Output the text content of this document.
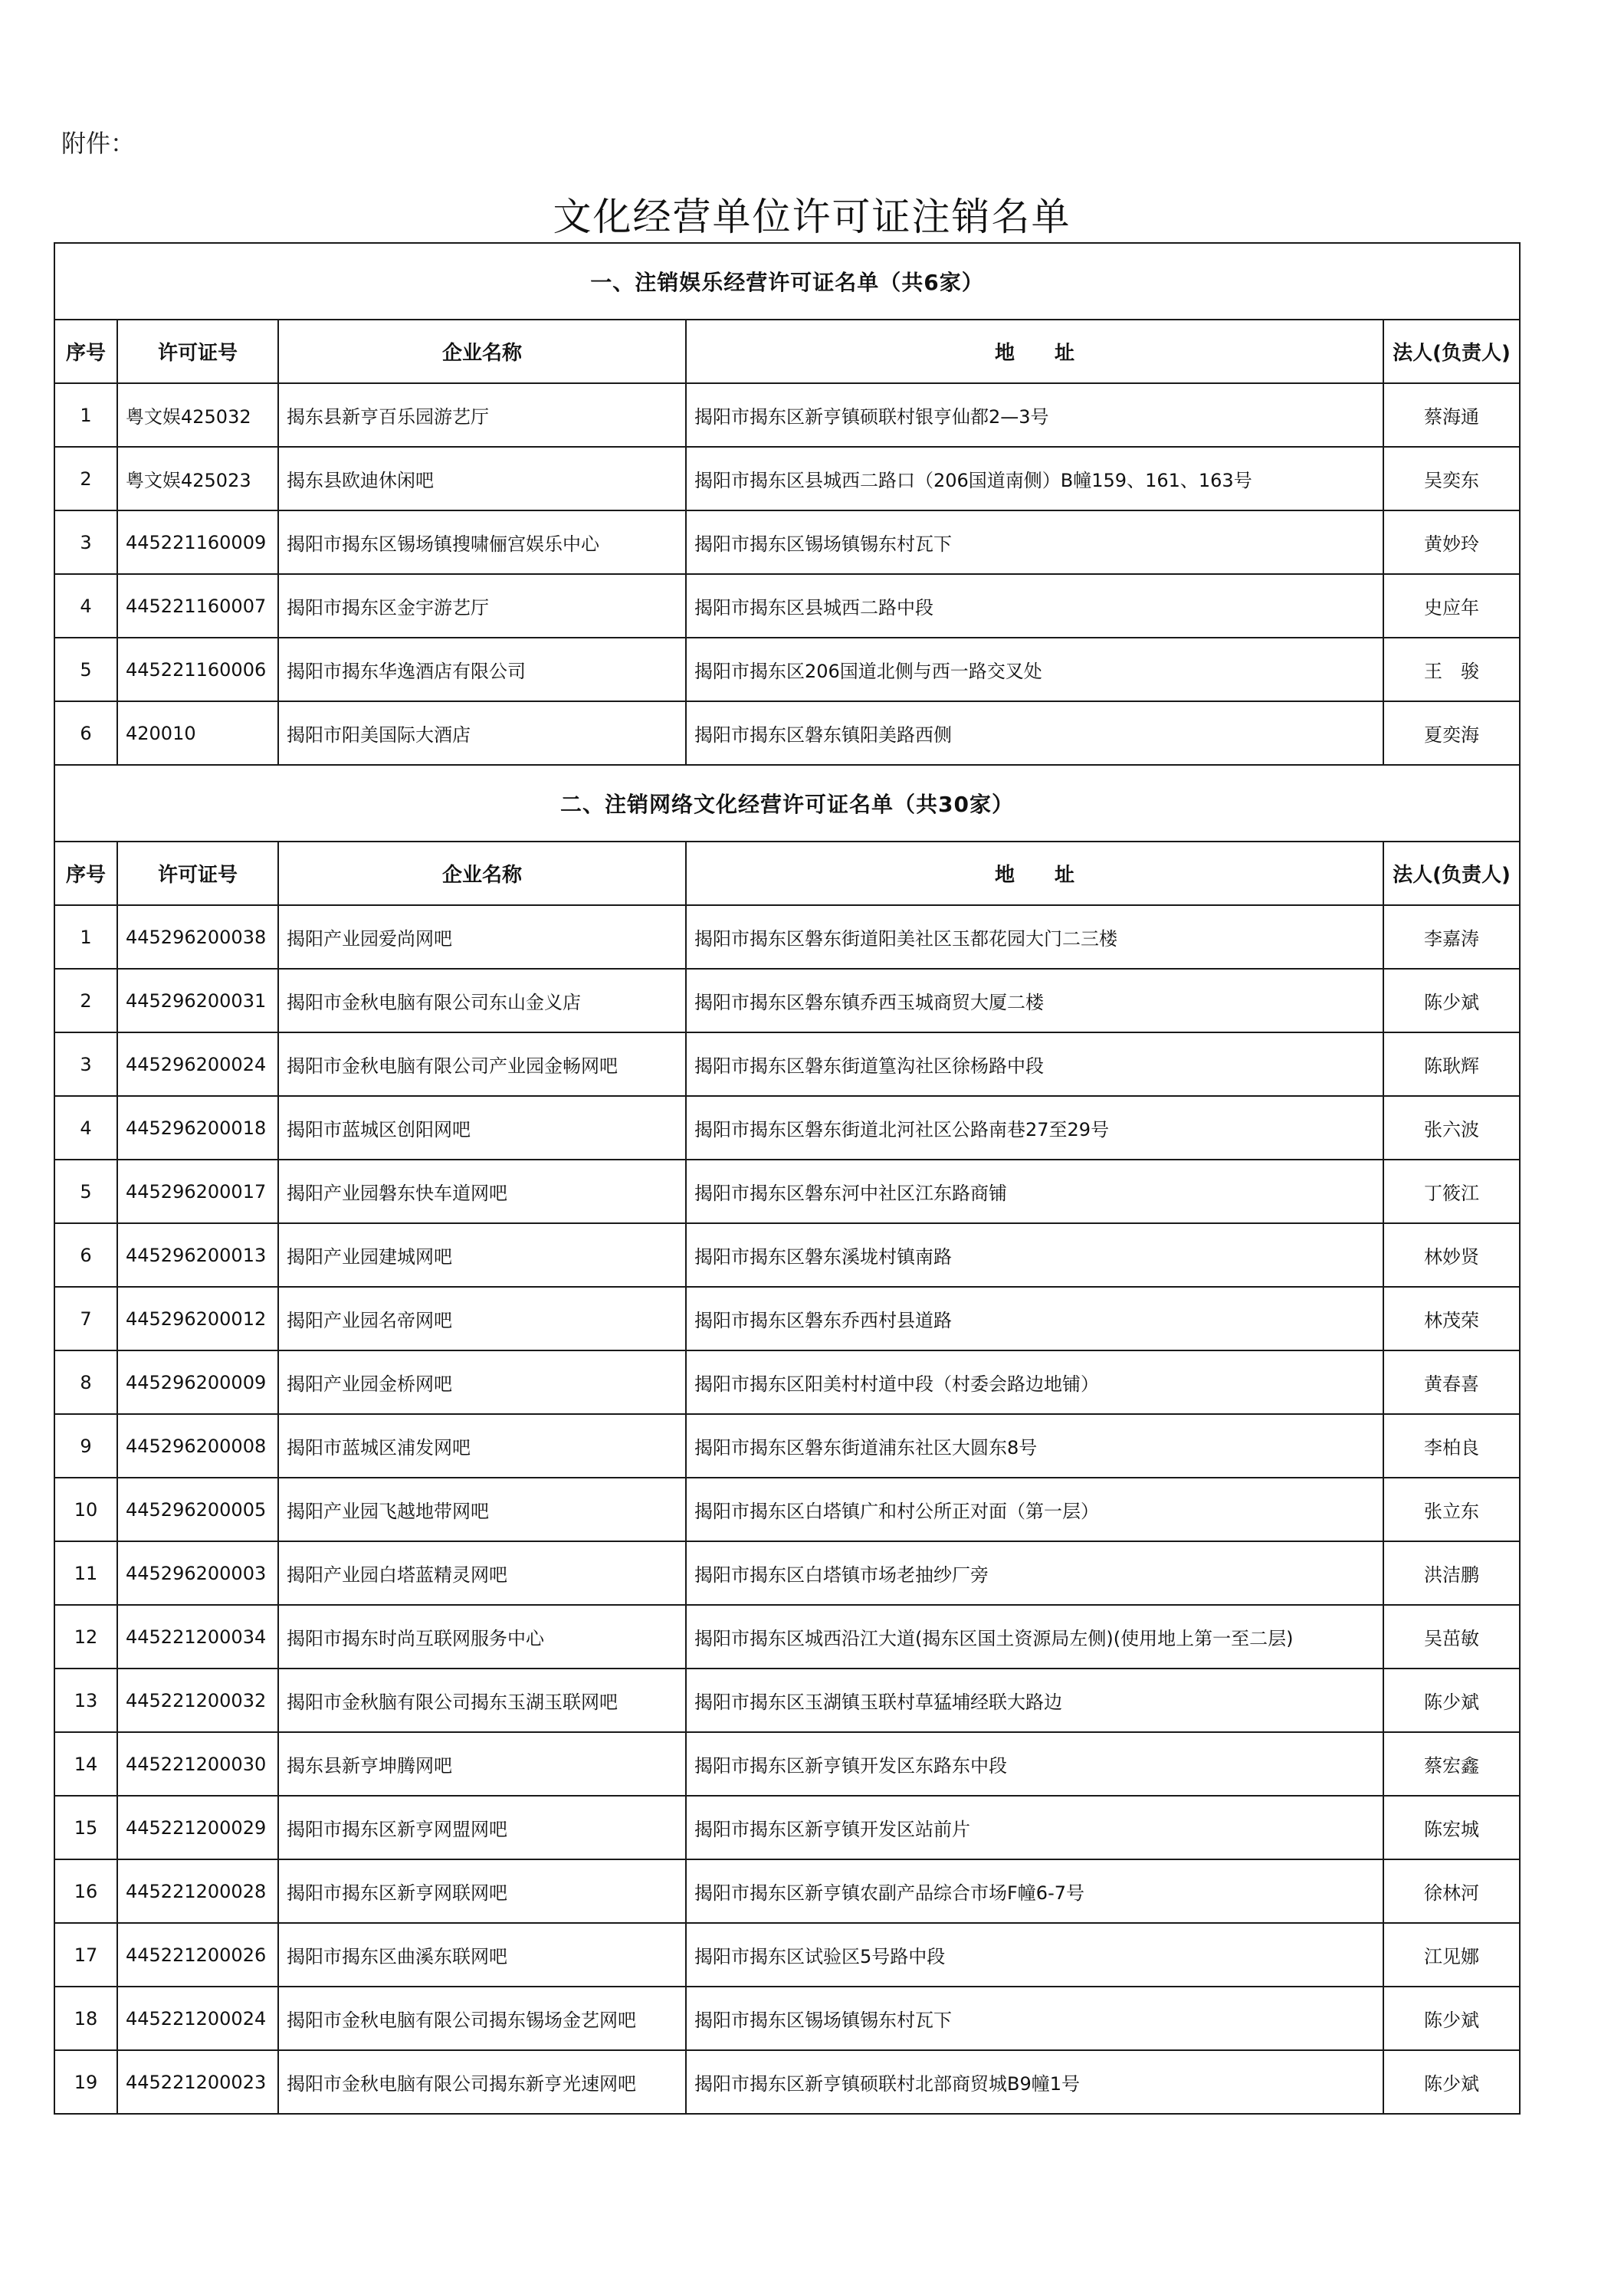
附件：
文化经营单位许可证注销名单
一、注销娱乐经营许可证名单（共6家）				
序号	许可证号	企业名称	地　　址	法人(负责人)
1	粤文娱425032	揭东县新亨百乐园游艺厅	揭阳市揭东区新亨镇硕联村银亨仙都2—3号	蔡海通
2	粤文娱425023	揭东县欧迪休闲吧	揭阳市揭东区县城西二路口（206国道南侧）B幢159、161、163号	吴奕东
3	445221160009	揭阳市揭东区锡场镇搜啸俪宫娱乐中心	揭阳市揭东区锡场镇锡东村瓦下	黄妙玲
4	445221160007	揭阳市揭东区金宇游艺厅	揭阳市揭东区县城西二路中段	史应年
5	445221160006	揭阳市揭东华逸酒店有限公司	揭阳市揭东区206国道北侧与西一路交叉处	王　骏
6	420010	揭阳市阳美国际大酒店	揭阳市揭东区磐东镇阳美路西侧	夏奕海
二、注销网络文化经营许可证名单（共30家）				
序号	许可证号	企业名称	地　　址	法人(负责人)
1	445296200038	揭阳产业园爱尚网吧	揭阳市揭东区磐东街道阳美社区玉都花园大门二三楼	李嘉涛
2	445296200031	揭阳市金秋电脑有限公司东山金义店	揭阳市揭东区磐东镇乔西玉城商贸大厦二楼	陈少斌
3	445296200024	揭阳市金秋电脑有限公司产业园金畅网吧	揭阳市揭东区磐东街道篁沟社区徐杨路中段	陈耿辉
4	445296200018	揭阳市蓝城区创阳网吧	揭阳市揭东区磐东街道北河社区公路南巷27至29号	张六波
5	445296200017	揭阳产业园磐东快车道网吧	揭阳市揭东区磐东河中社区江东路商铺	丁筱江
6	445296200013	揭阳产业园建城网吧	揭阳市揭东区磐东溪垅村镇南路	林妙贤
7	445296200012	揭阳产业园名帝网吧	揭阳市揭东区磐东乔西村县道路	林茂荣
8	445296200009	揭阳产业园金桥网吧	揭阳市揭东区阳美村村道中段（村委会路边地铺）	黄春喜
9	445296200008	揭阳市蓝城区浦发网吧	揭阳市揭东区磐东街道浦东社区大圆东8号	李柏良
10	445296200005	揭阳产业园飞越地带网吧	揭阳市揭东区白塔镇广和村公所正对面（第一层）	张立东
11	445296200003	揭阳产业园白塔蓝精灵网吧	揭阳市揭东区白塔镇市场老抽纱厂旁	洪洁鹏
12	445221200034	揭阳市揭东时尚互联网服务中心	揭阳市揭东区城西沿江大道(揭东区国土资源局左侧)(使用地上第一至二层)	吴茁敏
13	445221200032	揭阳市金秋脑有限公司揭东玉湖玉联网吧	揭阳市揭东区玉湖镇玉联村草猛埔经联大路边	陈少斌
14	445221200030	揭东县新亨坤腾网吧	揭阳市揭东区新亨镇开发区东路东中段	蔡宏鑫
15	445221200029	揭阳市揭东区新亨网盟网吧	揭阳市揭东区新亨镇开发区站前片	陈宏城
16	445221200028	揭阳市揭东区新亨网联网吧	揭阳市揭东区新亨镇农副产品综合市场F幢6-7号	徐林河
17	445221200026	揭阳市揭东区曲溪东联网吧	揭阳市揭东区试验区5号路中段	江见娜
18	445221200024	揭阳市金秋电脑有限公司揭东锡场金艺网吧	揭阳市揭东区锡场镇锡东村瓦下	陈少斌
19	445221200023	揭阳市金秋电脑有限公司揭东新亨光速网吧	揭阳市揭东区新亨镇硕联村北部商贸城B9幢1号	陈少斌
